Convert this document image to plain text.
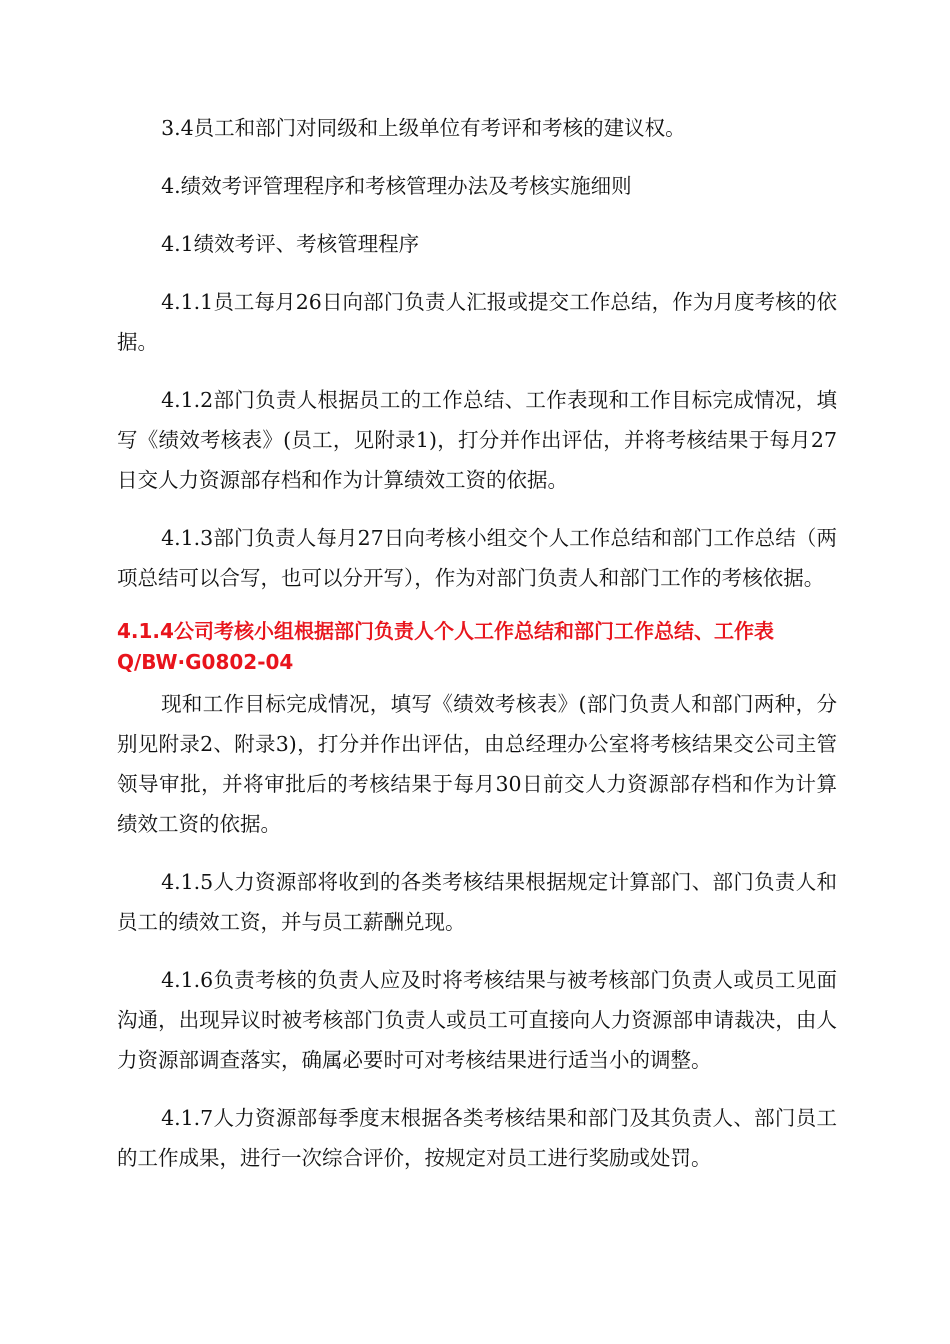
3.4员工和部门对同级和上级单位有考评和考核的建议权。

4.绩效考评管理程序和考核管理办法及考核实施细则

4.1绩效考评、考核管理程序

4.1.1员工每月26日向部门负责人汇报或提交工作总结，作为月度考核的依据。

4.1.2部门负责人根据员工的工作总结、工作表现和工作目标完成情况，填写《绩效考核表》(员工，见附录1)，打分并作出评估，并将考核结果于每月27日交人力资源部存档和作为计算绩效工资的依据。

4.1.3部门负责人每月27日向考核小组交个人工作总结和部门工作总结（两项总结可以合写，也可以分开写），作为对部门负责人和部门工作的考核依据。

4.1.4公司考核小组根据部门负责人个人工作总结和部门工作总结、工作表Q/BW·G0802-04

现和工作目标完成情况，填写《绩效考核表》(部门负责人和部门两种，分别见附录2、附录3)，打分并作出评估，由总经理办公室将考核结果交公司主管领导审批，并将审批后的考核结果于每月30日前交人力资源部存档和作为计算绩效工资的依据。

4.1.5人力资源部将收到的各类考核结果根据规定计算部门、部门负责人和员工的绩效工资，并与员工薪酬兑现。

4.1.6负责考核的负责人应及时将考核结果与被考核部门负责人或员工见面沟通，出现异议时被考核部门负责人或员工可直接向人力资源部申请裁决，由人力资源部调查落实，确属必要时可对考核结果进行适当小的调整。

4.1.7人力资源部每季度末根据各类考核结果和部门及其负责人、部门员工的工作成果，进行一次综合评价，按规定对员工进行奖励或处罚。
